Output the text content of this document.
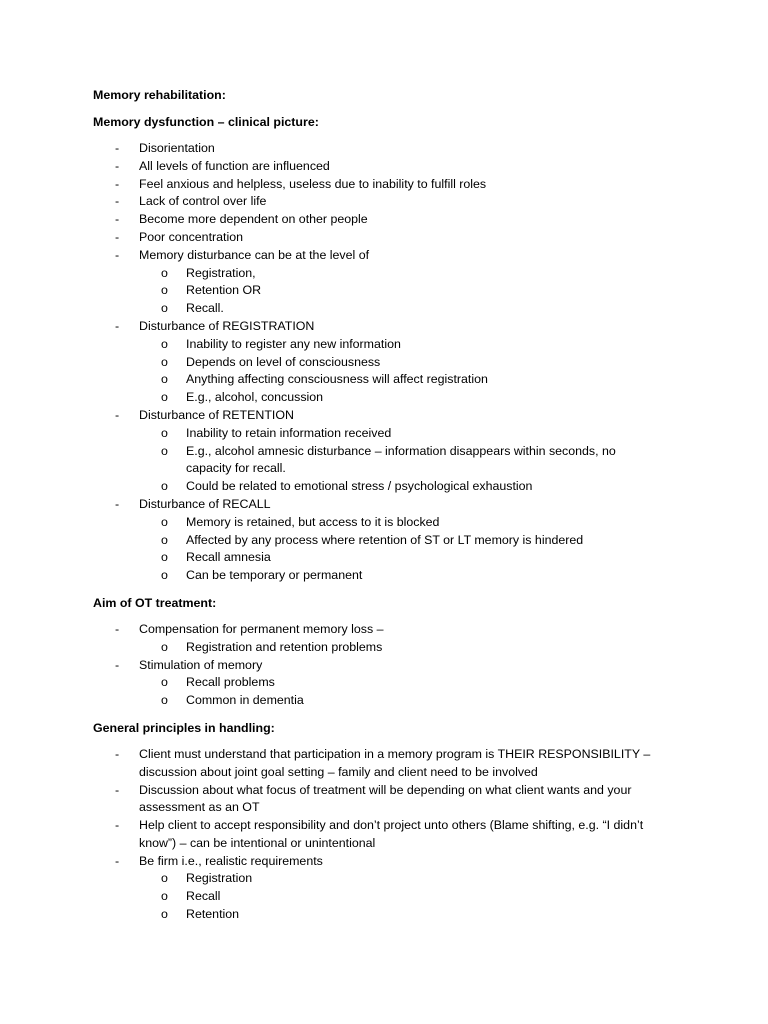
Memory rehabilitation:

Memory dysfunction – clinical picture:

- Disorientation
- All levels of function are influenced
- Feel anxious and helpless, useless due to inability to fulfill roles
- Lack of control over life
- Become more dependent on other people
- Poor concentration
- Memory disturbance can be at the level of
o Registration,
o Retention OR
o Recall.
- Disturbance of REGISTRATION
o Inability to register any new information
o Depends on level of consciousness
o Anything affecting consciousness will affect registration
o E.g., alcohol, concussion
- Disturbance of RETENTION
o Inability to retain information received
o E.g., alcohol amnesic disturbance – information disappears within seconds, no capacity for recall.
o Could be related to emotional stress / psychological exhaustion
- Disturbance of RECALL
o Memory is retained, but access to it is blocked
o Affected by any process where retention of ST or LT memory is hindered
o Recall amnesia
o Can be temporary or permanent

Aim of OT treatment:

- Compensation for permanent memory loss –
o Registration and retention problems
- Stimulation of memory
o Recall problems
o Common in dementia

General principles in handling:

- Client must understand that participation in a memory program is THEIR RESPONSIBILITY – discussion about joint goal setting – family and client need to be involved
- Discussion about what focus of treatment will be depending on what client wants and your assessment as an OT
- Help client to accept responsibility and don’t project unto others (Blame shifting, e.g. “I didn’t know”) – can be intentional or unintentional
- Be firm i.e., realistic requirements
o Registration
o Recall
o Retention
